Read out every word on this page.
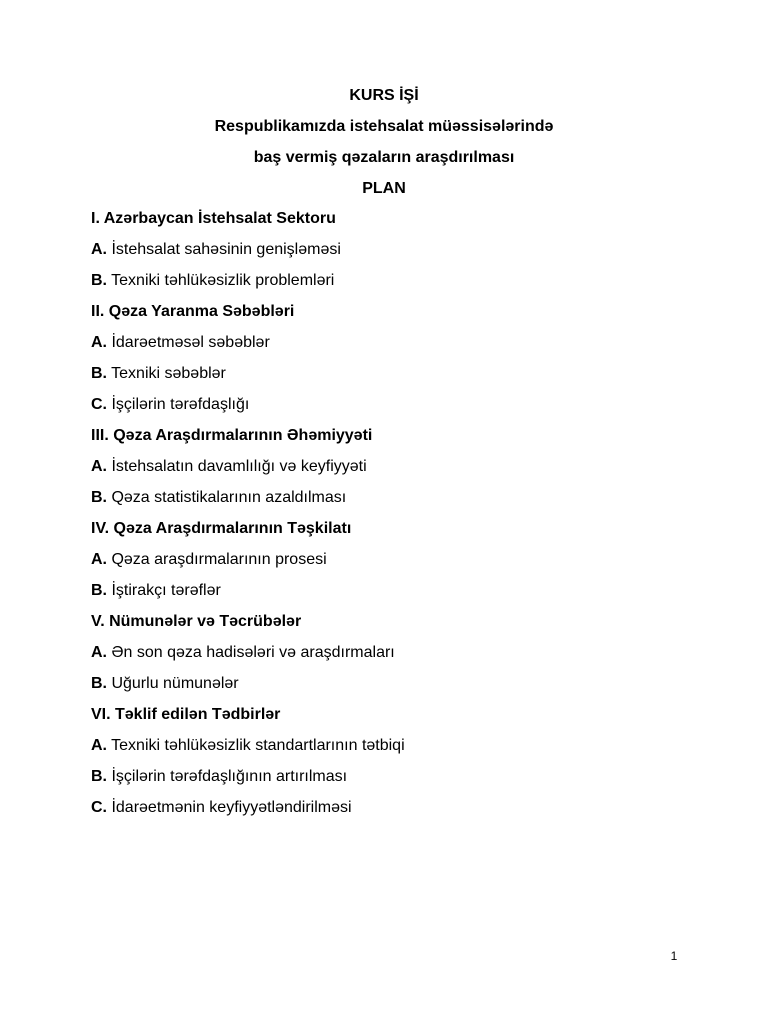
KURS İŞİ
Respublikamızda istehsalat müəssisələrində
baş vermiş qəzaların araşdırılması
PLAN
I. Azərbaycan İstehsalat Sektoru
A. İstehsalat sahəsinin genişləməsi
B. Texniki təhlükəsizlik problemləri
II. Qəza Yaranma Səbəbləri
A. İdarəetməsəl səbəblər
B. Texniki səbəblər
C. İşçilərin tərəfdaşlığı
III. Qəza Araşdırmalarının Əhəmiyyəti
A. İstehsalatın davamlılığı və keyfiyyəti
B. Qəza statistikalarının azaldılması
IV. Qəza Araşdırmalarının Təşkilatı
A. Qəza araşdırmalarının prosesi
B. İştirakçı tərəflər
V. Nümunələr və Təcrübələr
A. Ən son qəza hadisələri və araşdırmaları
B. Uğurlu nümunələr
VI. Təklif edilən Tədbirlər
A. Texniki təhlükəsizlik standartlarının tətbiqi
B. İşçilərin tərəfdaşlığının artırılması
C. İdarəetmənin keyfiyyətləndirilməsi
1
